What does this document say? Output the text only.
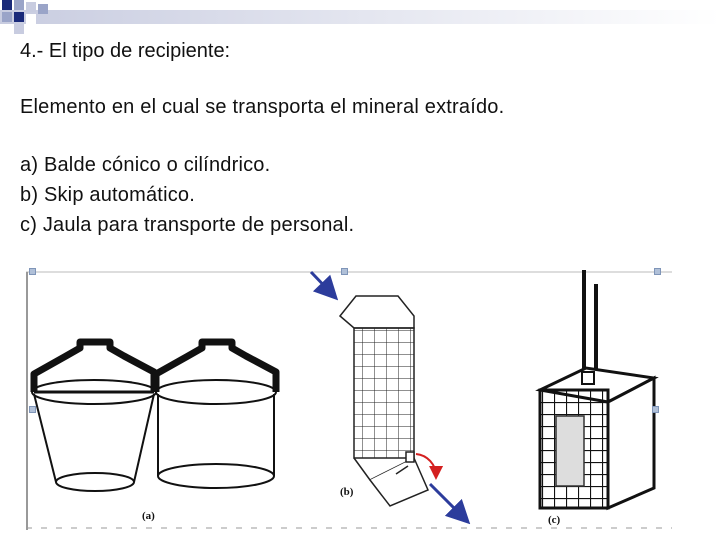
4.- El tipo de recipiente:
Elemento en el cual se transporta el mineral extraído.
a) Balde cónico o cilíndrico.
b) Skip automático.
c) Jaula para transporte de personal.
(a)
(b)
(c)
